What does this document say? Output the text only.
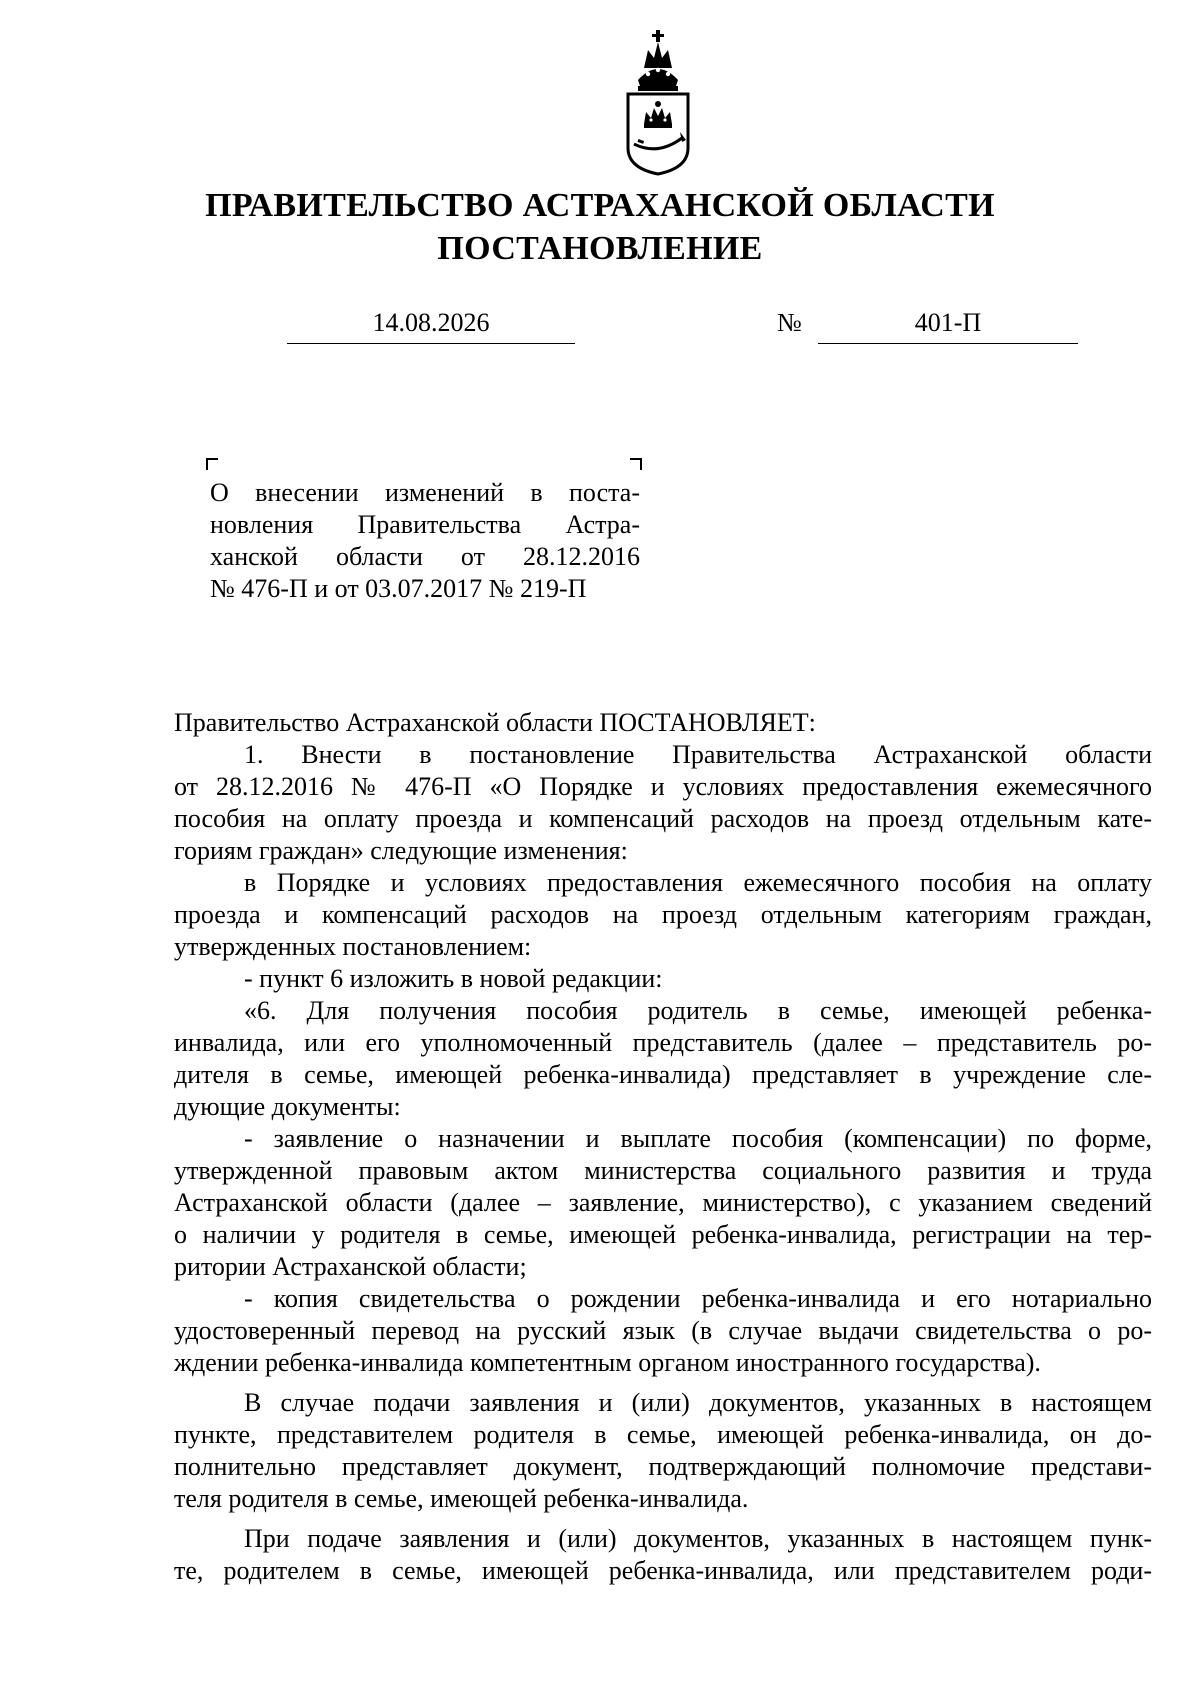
ПРАВИТЕЛЬСТВО АСТРАХАНСКОЙ ОБЛАСТИ
ПОСТАНОВЛЕНИЕ
14.08.2026	№	401-П
О внесении изменений в поста-
новления Правительства Астра-
ханской области от 28.12.2016
№ 476-П и от 03.07.2017 № 219-П
Правительство Астраханской области ПОСТАНОВЛЯЕТ:
1. Внести в постановление Правительства Астраханской области
от 28.12.2016 № 476-П «О Порядке и условиях предоставления ежемесячного
пособия на оплату проезда и компенсаций расходов на проезд отдельным кате-
гориям граждан» следующие изменения:
в Порядке и условиях предоставления ежемесячного пособия на оплату
проезда и компенсаций расходов на проезд отдельным категориям граждан,
утвержденных постановлением:
- пункт 6 изложить в новой редакции:
«6. Для получения пособия родитель в семье, имеющей ребенка-
инвалида, или его уполномоченный представитель (далее – представитель ро-
дителя в семье, имеющей ребенка-инвалида) представляет в учреждение сле-
дующие документы:
- заявление о назначении и выплате пособия (компенсации) по форме,
утвержденной правовым актом министерства социального развития и труда
Астраханской области (далее – заявление, министерство), с указанием сведений
о наличии у родителя в семье, имеющей ребенка-инвалида, регистрации на тер-
ритории Астраханской области;
- копия свидетельства о рождении ребенка-инвалида и его нотариально
удостоверенный перевод на русский язык (в случае выдачи свидетельства о ро-
ждении ребенка-инвалида компетентным органом иностранного государства).
В случае подачи заявления и (или) документов, указанных в настоящем
пункте, представителем родителя в семье, имеющей ребенка-инвалида, он до-
полнительно представляет документ, подтверждающий полномочие представи-
теля родителя в семье, имеющей ребенка-инвалида.
При подаче заявления и (или) документов, указанных в настоящем пунк-
те, родителем в семье, имеющей ребенка-инвалида, или представителем роди-
